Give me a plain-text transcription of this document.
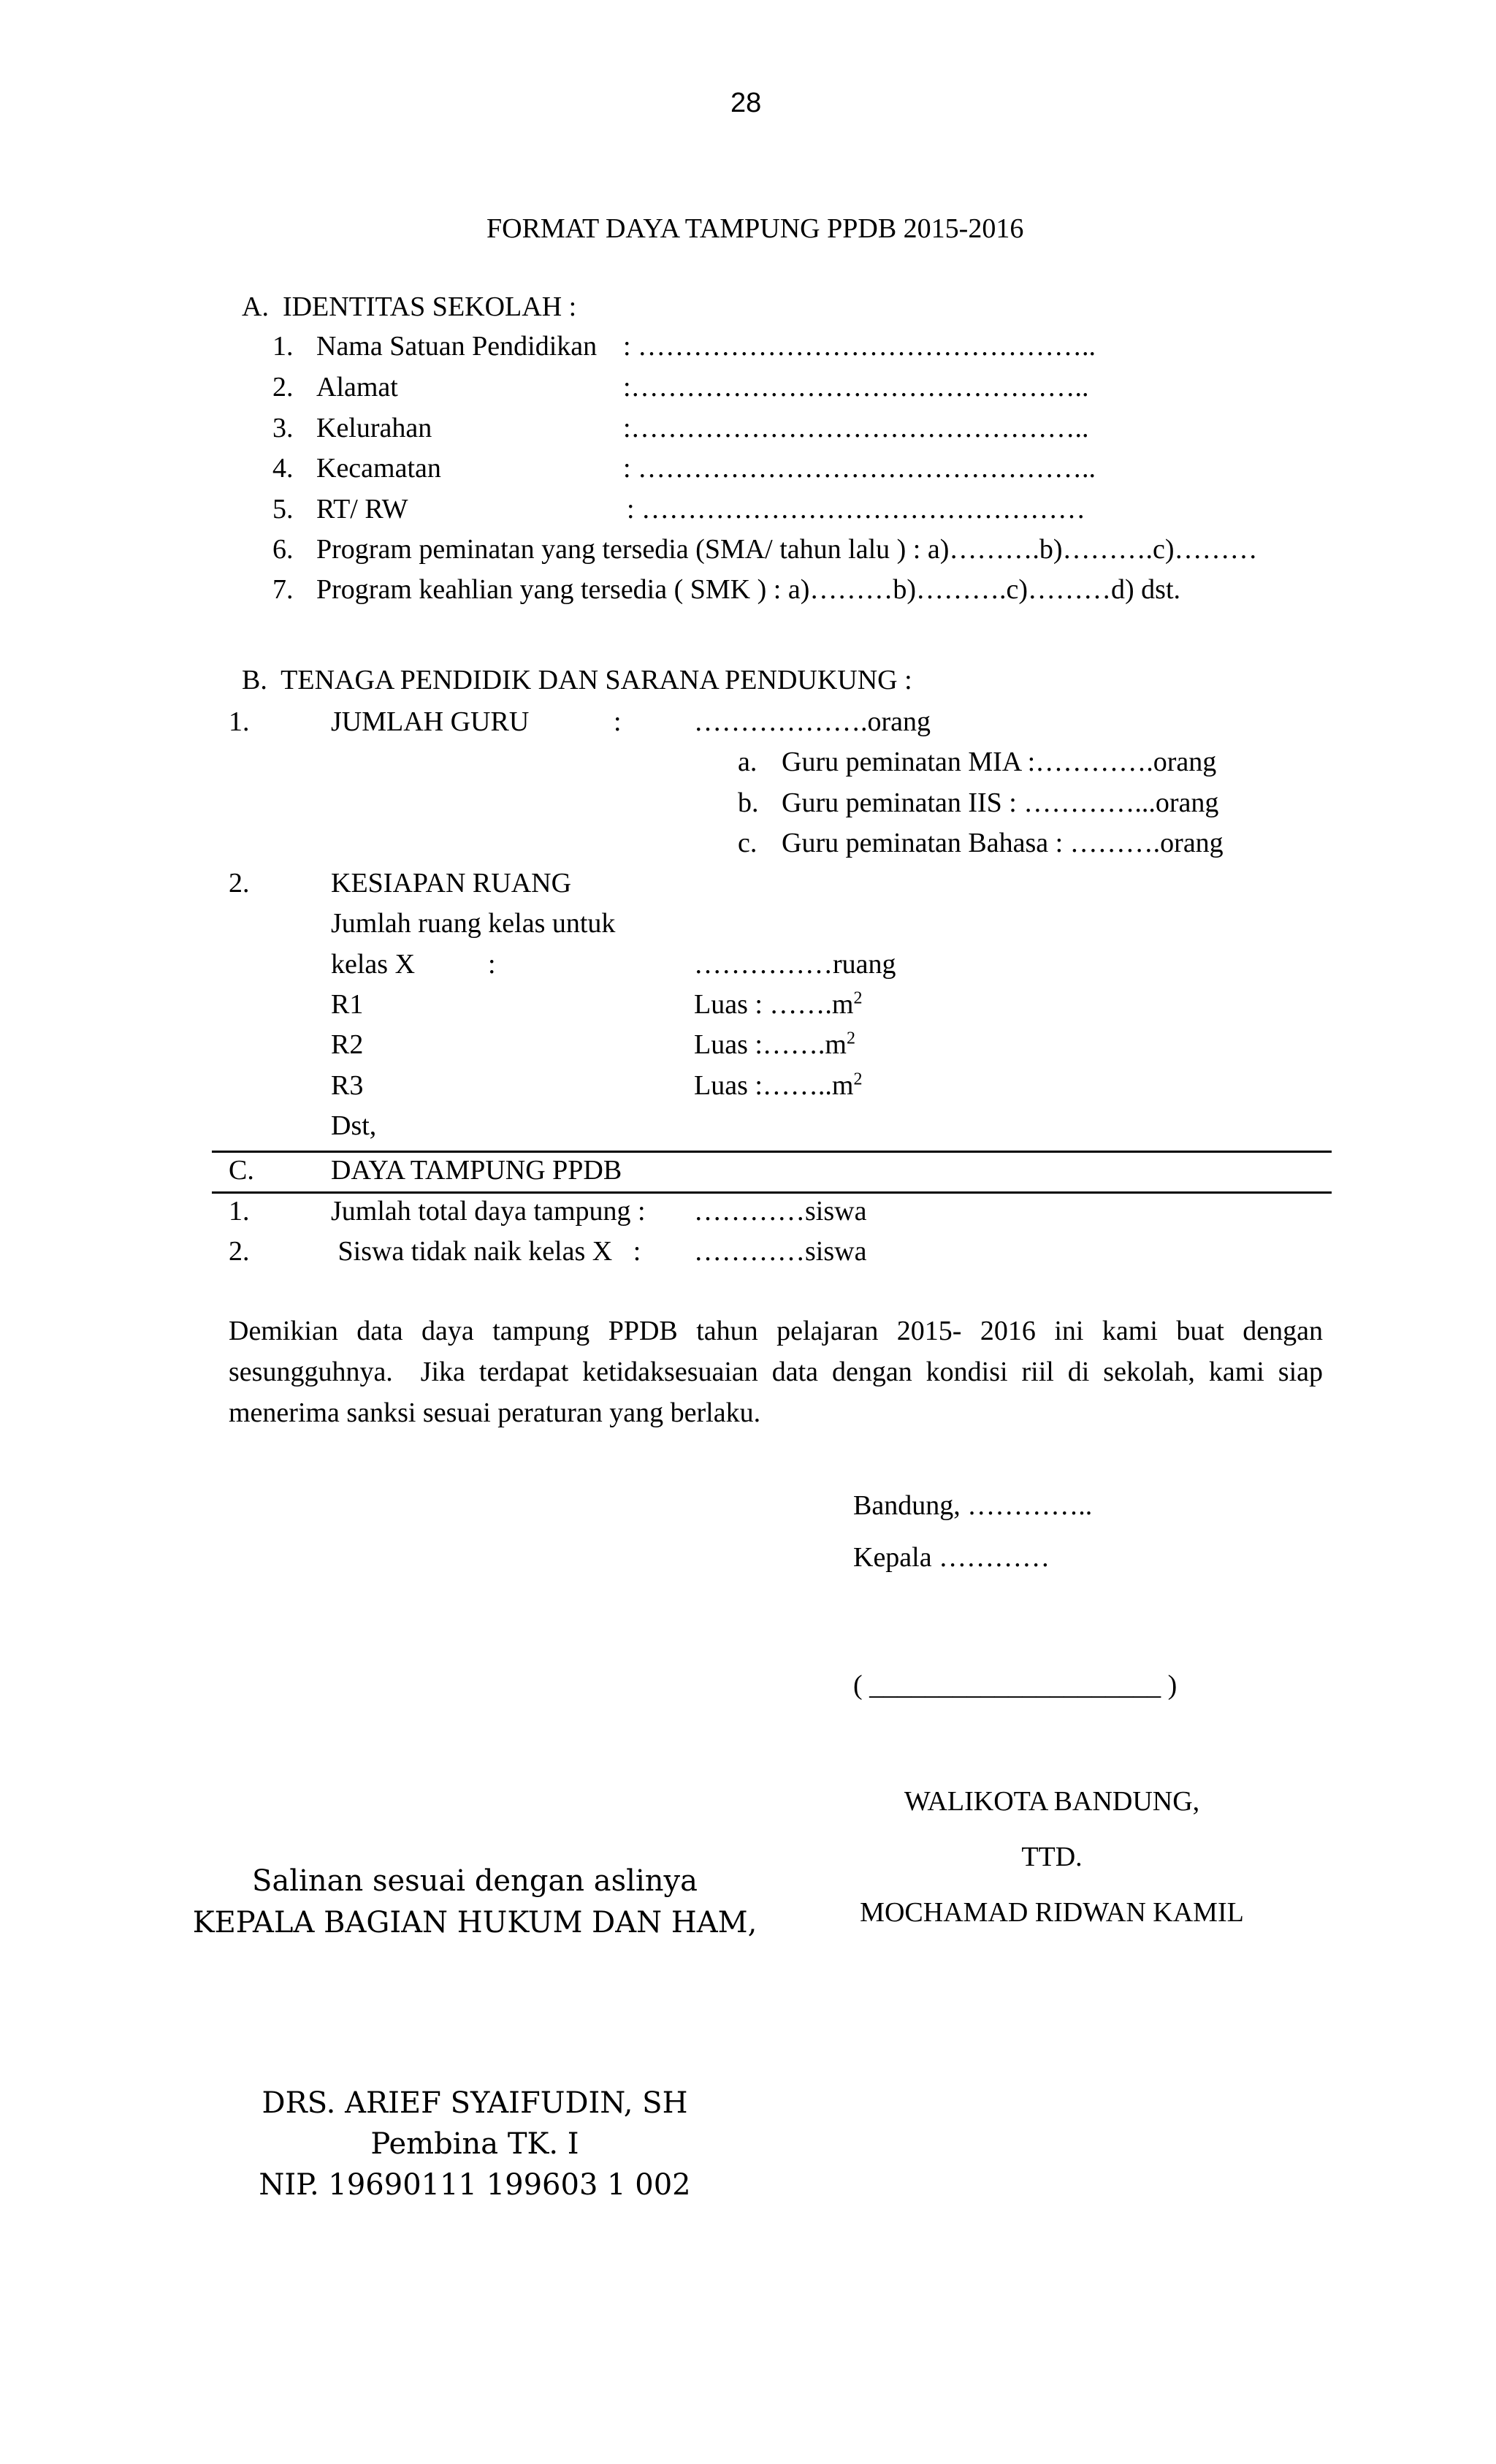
28
FORMAT DAYA TAMPUNG PPDB 2015-2016
A.  IDENTITAS SEKOLAH :
1. Nama Satuan Pendidikan : …………………………………………..
2. Alamat	:…………………………………………..
3. Kelurahan	:…………………………………………..
4. Kecamatan	: …………………………………………..
5. RT/ RW	: …………………………………………
6. Program peminatan yang tersedia (SMA/ tahun lalu ) : a)……….b)……….c)………
7. Program keahlian yang tersedia ( SMK ) : a)………b)……….c)………d) dst.
B.  TENAGA PENDIDIK DAN SARANA PENDUKUNG :
1.	JUMLAH GURU	:	……………….orang
a. Guru peminatan MIA :………….orang
b. Guru peminatan IIS : …………...orang
c. Guru peminatan Bahasa : ……….orang
2.	KESIAPAN RUANG
Jumlah ruang kelas untuk
kelas X	:	……………ruang
R1	Luas : $\dots\dots.m^2$
R2	Luas $:\dots\dots.m^2$
R3	Luas $:\dots\dots..m^2$
Dst,
C.	DAYA TAMPUNG PPDB
1.	Jumlah total daya tampung : …………siswa
2.	Siswa tidak naik kelas X   : …………siswa
Demikian data daya tampung PPDB tahun pelajaran 2015- 2016 ini kami buat dengan
sesungguhnya.  Jika terdapat ketidaksesuaian data dengan kondisi riil di sekolah, kami siap
menerima sanksi sesuai peraturan yang berlaku.
Bandung, …………..
Kepala …………
( _____________________ )
WALIKOTA BANDUNG,
TTD.
MOCHAMAD RIDWAN KAMIL
Salinan sesuai dengan aslinya
KEPALA BAGIAN HUKUM DAN HAM,
DRS. ARIEF SYAIFUDIN, SH
Pembina TK. I
NIP. 19690111 199603 1 002
